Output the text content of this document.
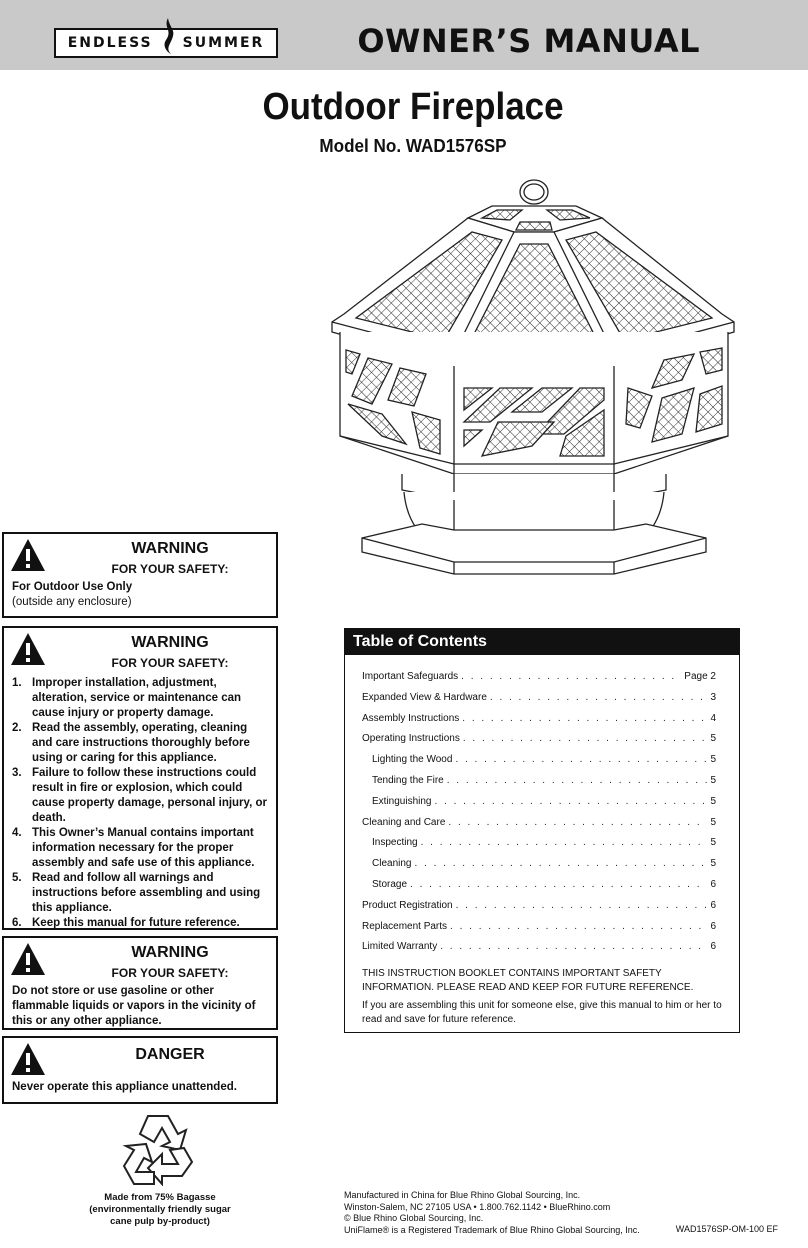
ENDLESS SUMMER	OWNER’S MANUAL
Outdoor Fireplace
Model No. WAD1576SP
WARNING
FOR YOUR SAFETY:
For Outdoor Use Only
(outside any enclosure)
WARNING
FOR YOUR SAFETY:
1. Improper installation, adjustment, alteration, service or maintenance can cause injury or property damage.
2. Read the assembly, operating, cleaning and care instructions thoroughly before using or caring for this appliance.
3. Failure to follow these instructions could result in fire or explosion, which could cause property damage, personal injury, or death.
4. This Owner’s Manual contains important information necessary for the proper assembly and safe use of this appliance.
5. Read and follow all warnings and instructions before assembling and using this appliance.
6. Keep this manual for future reference.
WARNING
FOR YOUR SAFETY:
Do not store or use gasoline or other flammable liquids or vapors in the vicinity of this or any other appliance.
DANGER
Never operate this appliance unattended.
Table of Contents
Important Safeguards . . .	Page 2
Expanded View & Hardware . . .	3
Assembly Instructions . . .	4
Operating Instructions . . .	5
Lighting the Wood . . .	5
Tending the Fire . . .	5
Extinguishing . . .	5
Cleaning and Care . . .	5
Inspecting . . .	5
Cleaning . . .	5
Storage . . .	6
Product Registration . . .	6
Replacement Parts . . .	6
Limited Warranty . . .	6
THIS INSTRUCTION BOOKLET CONTAINS IMPORTANT SAFETY INFORMATION. PLEASE READ AND KEEP FOR FUTURE REFERENCE.
If you are assembling this unit for someone else, give this manual to him or her to read and save for future reference.
Made from 75% Bagasse
(environmentally friendly sugar
cane pulp by-product)
Manufactured in China for Blue Rhino Global Sourcing, Inc.
Winston-Salem, NC 27105 USA • 1.800.762.1142 • BlueRhino.com
© Blue Rhino Global Sourcing, Inc.
UniFlame® is a Registered Trademark of Blue Rhino Global Sourcing, Inc.	WAD1576SP-OM-100 EF
